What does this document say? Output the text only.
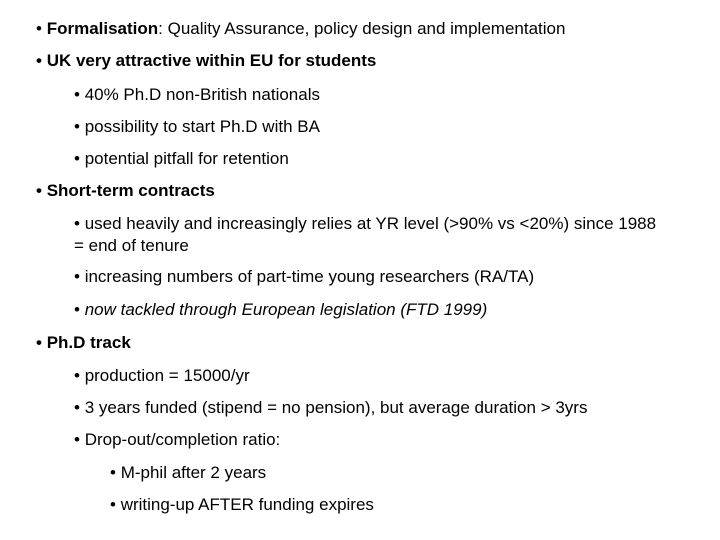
• Formalisation: Quality Assurance, policy design and implementation
• UK very attractive within EU for students
• 40% Ph.D non-British nationals
• possibility to start Ph.D with BA
• potential pitfall for retention
• Short-term contracts
• used heavily and increasingly relies at YR level (>90% vs <20%) since 1988 = end of tenure
• increasing numbers of part-time young researchers (RA/TA)
• now tackled through European legislation (FTD 1999)
• Ph.D track
• production = 15000/yr
• 3 years funded (stipend = no pension), but average duration > 3yrs
• Drop-out/completion ratio:
• M-phil after 2 years
• writing-up AFTER funding expires
